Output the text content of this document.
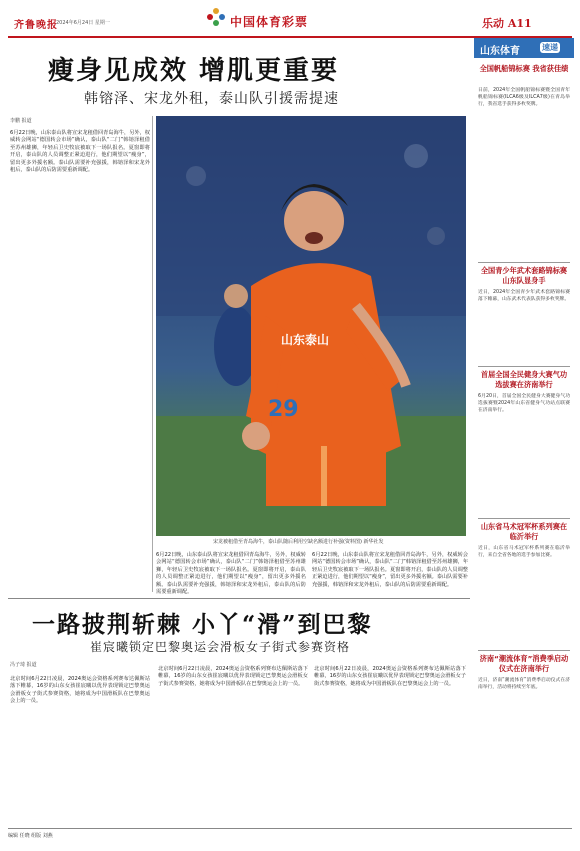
齐鲁晚报
2024年6月24日 星期一	中国体育彩票	乐动 A11
瘦身见成效 增肌更重要
韩镕泽、宋龙外租，泰山队引援需提速
李鹏 报道
6月22日晚，山东泰山队将宣宋龙租借回青岛海牛，另外，权威转会网站“德国转会市场”确认，泰山队“二门”韩镕泽租借至苏州雄狮，年轻后卫史牧宸被取下一场队报名。夏窗即将开启，泰山队的人员调整正紧迫进行，他们期望以“瘦身”，留出更多外援名额。泰山队需要补充强援，韩镕泽和宋龙外租后，泰山队的后防需要重新调配。
山东泰山
29
宋龙被租借至青岛海牛，泰山队随后利用空缺名额进行补强(资料图) 新华社发
6月22日晚，山东泰山队将宣宋龙租借回青岛海牛，另外，权威转会网站“德国转会市场”确认，泰山队“二门”韩镕泽租借至苏州雄狮，年轻后卫史牧宸被取下一场队报名。夏窗即将开启，泰山队的人员调整正紧迫进行，他们期望以“瘦身”，留出更多外援名额。泰山队需要补充强援，韩镕泽和宋龙外租后，泰山队的后防需要重新调配。
6月22日晚，山东泰山队将宣宋龙租借回青岛海牛，另外，权威转会网站“德国转会市场”确认，泰山队“二门”韩镕泽租借至苏州雄狮，年轻后卫史牧宸被取下一场队报名。夏窗即将开启，泰山队的人员调整正紧迫进行，他们期望以“瘦身”，留出更多外援名额。泰山队需要补充强援，韩镕泽和宋龙外租后，泰山队的后防需要重新调配。
一路披荆斩棘 小丫“滑”到巴黎
崔宸曦锁定巴黎奥运会滑板女子街式参赛资格
冯子琦 报道
北京时间6月22日凌晨，2024奥运会资格系列赛布达佩斯站落下帷幕，16岁的山东女孩崔宸曦以优异表现锁定巴黎奥运会滑板女子街式参赛资格，她将成为中国滑板队在巴黎奥运会上的一员。
北京时间6月22日凌晨，2024奥运会资格系列赛布达佩斯站落下帷幕，16岁的山东女孩崔宸曦以优异表现锁定巴黎奥运会滑板女子街式参赛资格，她将成为中国滑板队在巴黎奥运会上的一员。
北京时间6月22日凌晨，2024奥运会资格系列赛布达佩斯站落下帷幕，16岁的山东女孩崔宸曦以优异表现锁定巴黎奥运会滑板女子街式参赛资格，她将成为中国滑板队在巴黎奥运会上的一员。
山东体育	速递
全国帆船锦标赛 我省获佳绩
日前，2024年全国帆船锦标赛暨全国青年帆船锦标赛(ILCA6级及ILCA7级)在青岛举行，我省选手获得多枚奖牌。
全国青少年武术套路锦标赛山东队显身手
近日，2024年全国青少年武术套路锦标赛落下帷幕，山东武术代表队获得多枚奖牌。
首届全国全民健身大赛气功选拔赛在济南举行
6月20日，首届全国全民健身大赛健身气功选拔赛暨2024年山东省健身气功站点联赛在济南举行。
山东省马术冠军杯系列赛在临沂举行
近日，山东省马术冠军杯系列赛在临沂举行，来自全省各地的选手参加比赛。
济南“潮流体育”消费季启动仪式在济南举行
近日，济南“潮流体育”消费季启动仪式在济南举行，活动将持续至年底。
编辑 任晓 组版 刘燕
